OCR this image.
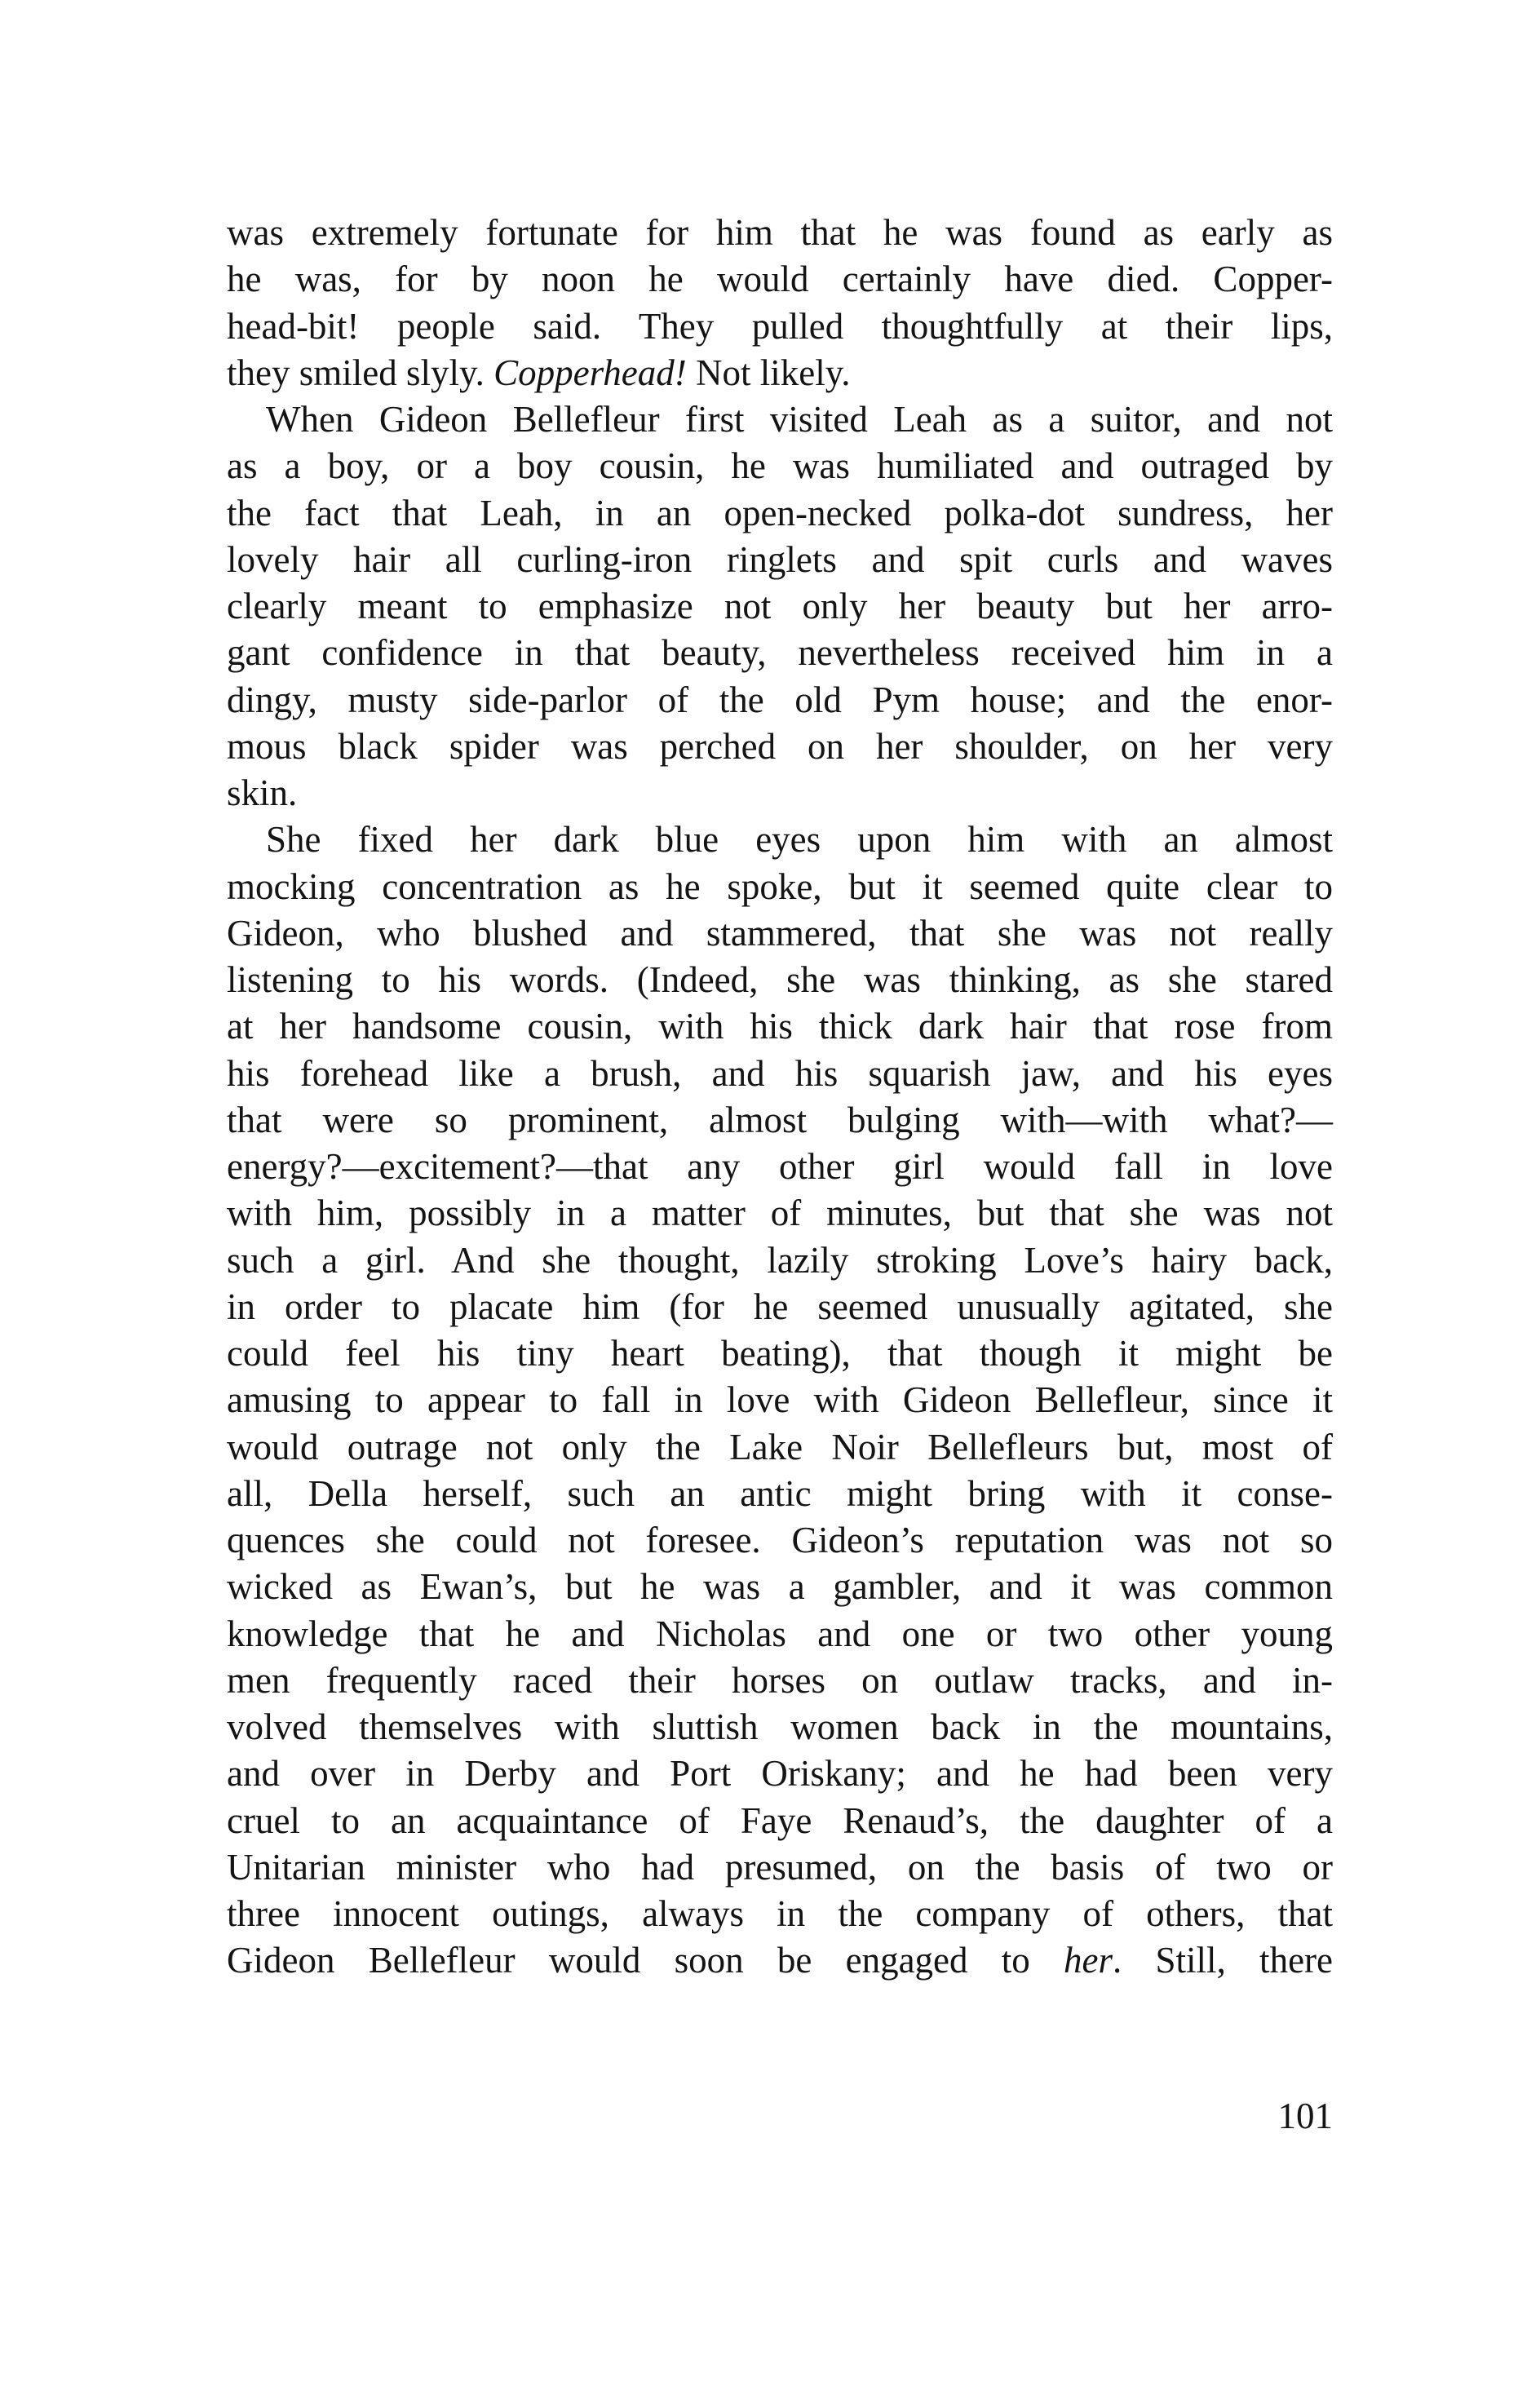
was extremely fortunate for him that he was found as early as
he was, for by noon he would certainly have died. Copper-
head-bit! people said. They pulled thoughtfully at their lips,
they smiled slyly. Copperhead! Not likely.
When Gideon Bellefleur first visited Leah as a suitor, and not
as a boy, or a boy cousin, he was humiliated and outraged by
the fact that Leah, in an open-necked polka-dot sundress, her
lovely hair all curling-iron ringlets and spit curls and waves
clearly meant to emphasize not only her beauty but her arro-
gant confidence in that beauty, nevertheless received him in a
dingy, musty side-parlor of the old Pym house; and the enor-
mous black spider was perched on her shoulder, on her very
skin.
She fixed her dark blue eyes upon him with an almost
mocking concentration as he spoke, but it seemed quite clear to
Gideon, who blushed and stammered, that she was not really
listening to his words. (Indeed, she was thinking, as she stared
at her handsome cousin, with his thick dark hair that rose from
his forehead like a brush, and his squarish jaw, and his eyes
that were so prominent, almost bulging with—with what?—
energy?—excitement?—that any other girl would fall in love
with him, possibly in a matter of minutes, but that she was not
such a girl. And she thought, lazily stroking Love’s hairy back,
in order to placate him (for he seemed unusually agitated, she
could feel his tiny heart beating), that though it might be
amusing to appear to fall in love with Gideon Bellefleur, since it
would outrage not only the Lake Noir Bellefleurs but, most of
all, Della herself, such an antic might bring with it conse-
quences she could not foresee. Gideon’s reputation was not so
wicked as Ewan’s, but he was a gambler, and it was common
knowledge that he and Nicholas and one or two other young
men frequently raced their horses on outlaw tracks, and in-
volved themselves with sluttish women back in the mountains,
and over in Derby and Port Oriskany; and he had been very
cruel to an acquaintance of Faye Renaud’s, the daughter of a
Unitarian minister who had presumed, on the basis of two or
three innocent outings, always in the company of others, that
Gideon Bellefleur would soon be engaged to her. Still, there
101
